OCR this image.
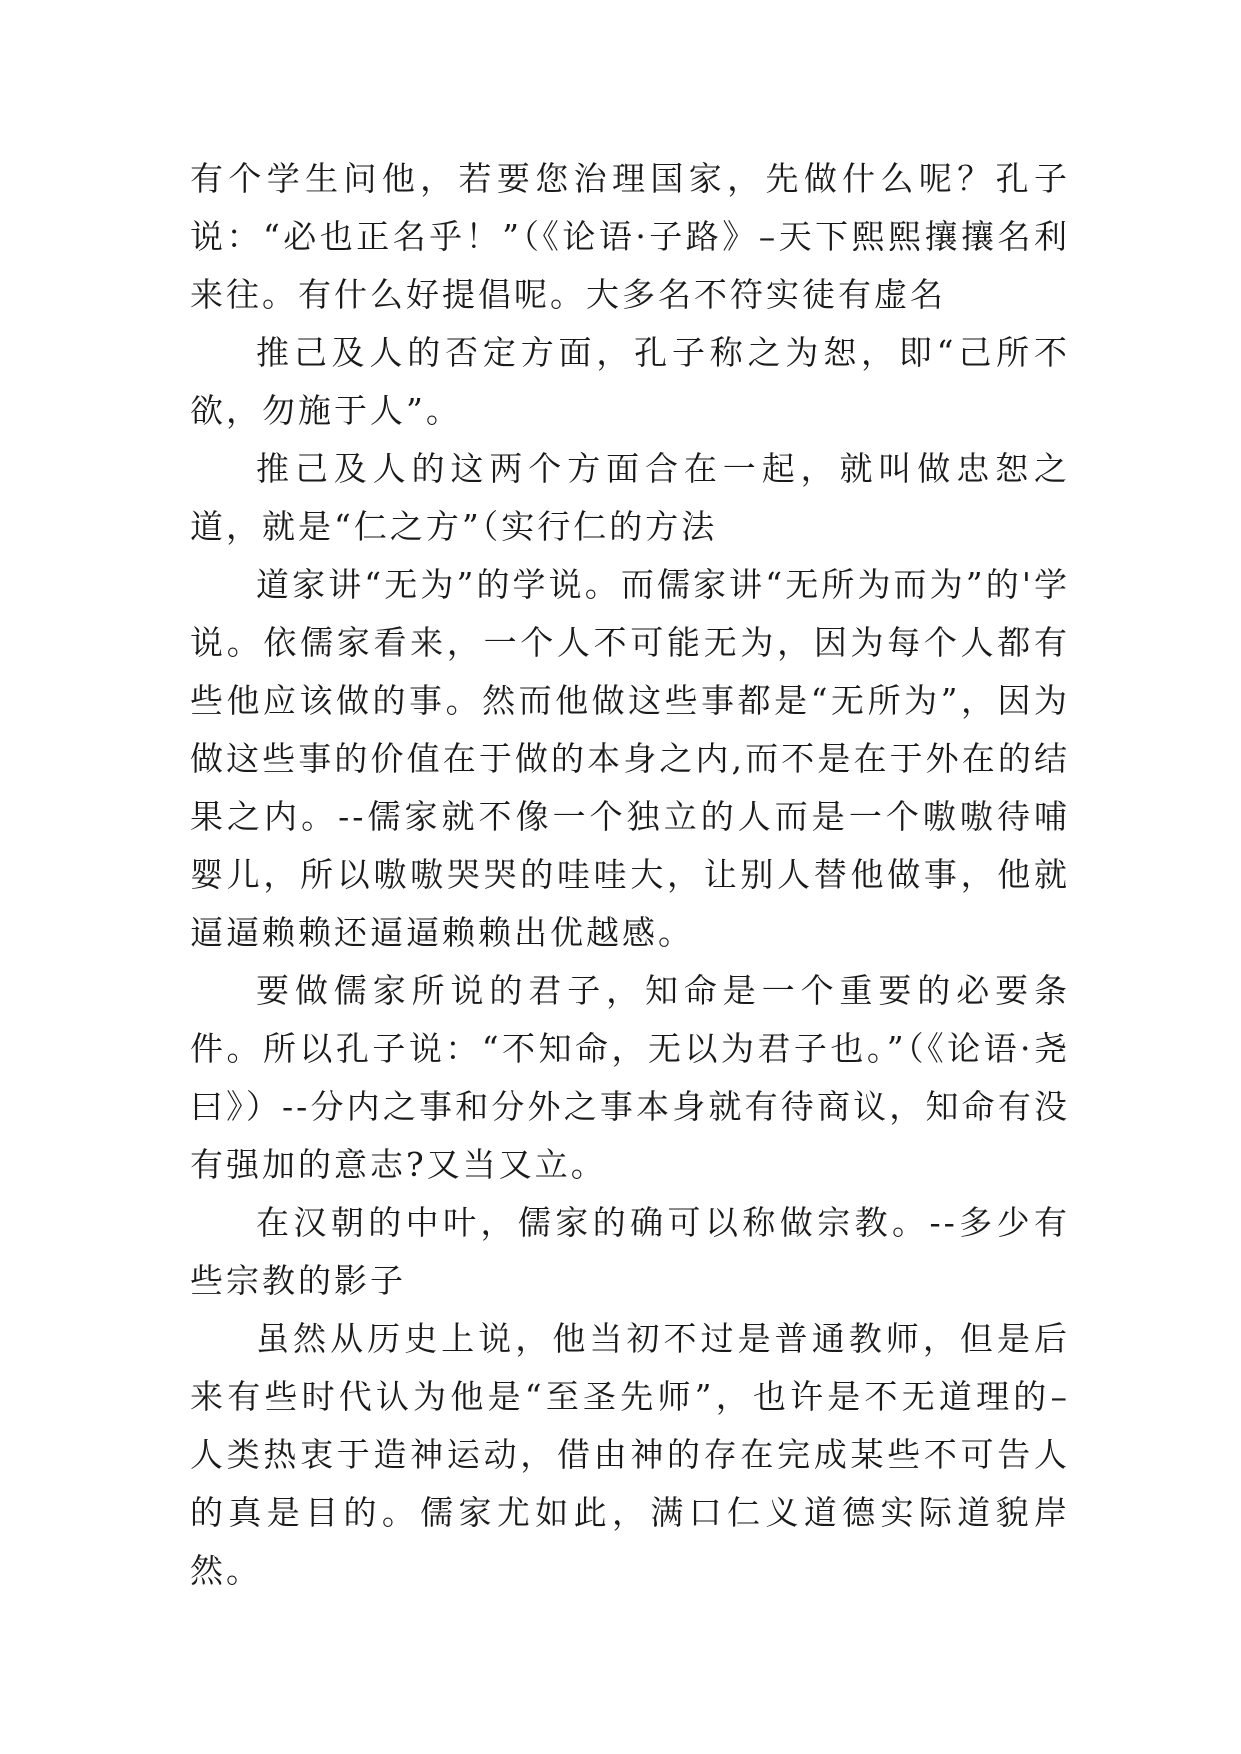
有个学生问他，若要您治理国家，先做什么呢？孔子说：“必也正名乎！”（《论语·子路》–天下熙熙攘攘名利来往。有什么好提倡呢。大多名不符实徒有虚名

推己及人的否定方面，孔子称之为恕，即“己所不欲，勿施于人”。

推己及人的这两个方面合在一起，就叫做忠恕之道，就是“仁之方”（实行仁的方法

道家讲“无为”的学说。而儒家讲“无所为而为”的'学说。依儒家看来，一个人不可能无为，因为每个人都有些他应该做的事。然而他做这些事都是“无所为”，因为做这些事的价值在于做的本身之内,而不是在于外在的结果之内。--儒家就不像一个独立的人而是一个嗷嗷待哺婴儿，所以嗷嗷哭哭的哇哇大，让别人替他做事，他就逼逼赖赖还逼逼赖赖出优越感。

要做儒家所说的君子，知命是一个重要的必要条件。所以孔子说：“不知命，无以为君子也。”（《论语·尧曰》）--分内之事和分外之事本身就有待商议，知命有没有强加的意志?又当又立。

在汉朝的中叶，儒家的确可以称做宗教。--多少有些宗教的影子

虽然从历史上说，他当初不过是普通教师，但是后来有些时代认为他是“至圣先师”，也许是不无道理的–人类热衷于造神运动，借由神的存在完成某些不可告人的真是目的。儒家尤如此，满口仁义道德实际道貌岸然。
